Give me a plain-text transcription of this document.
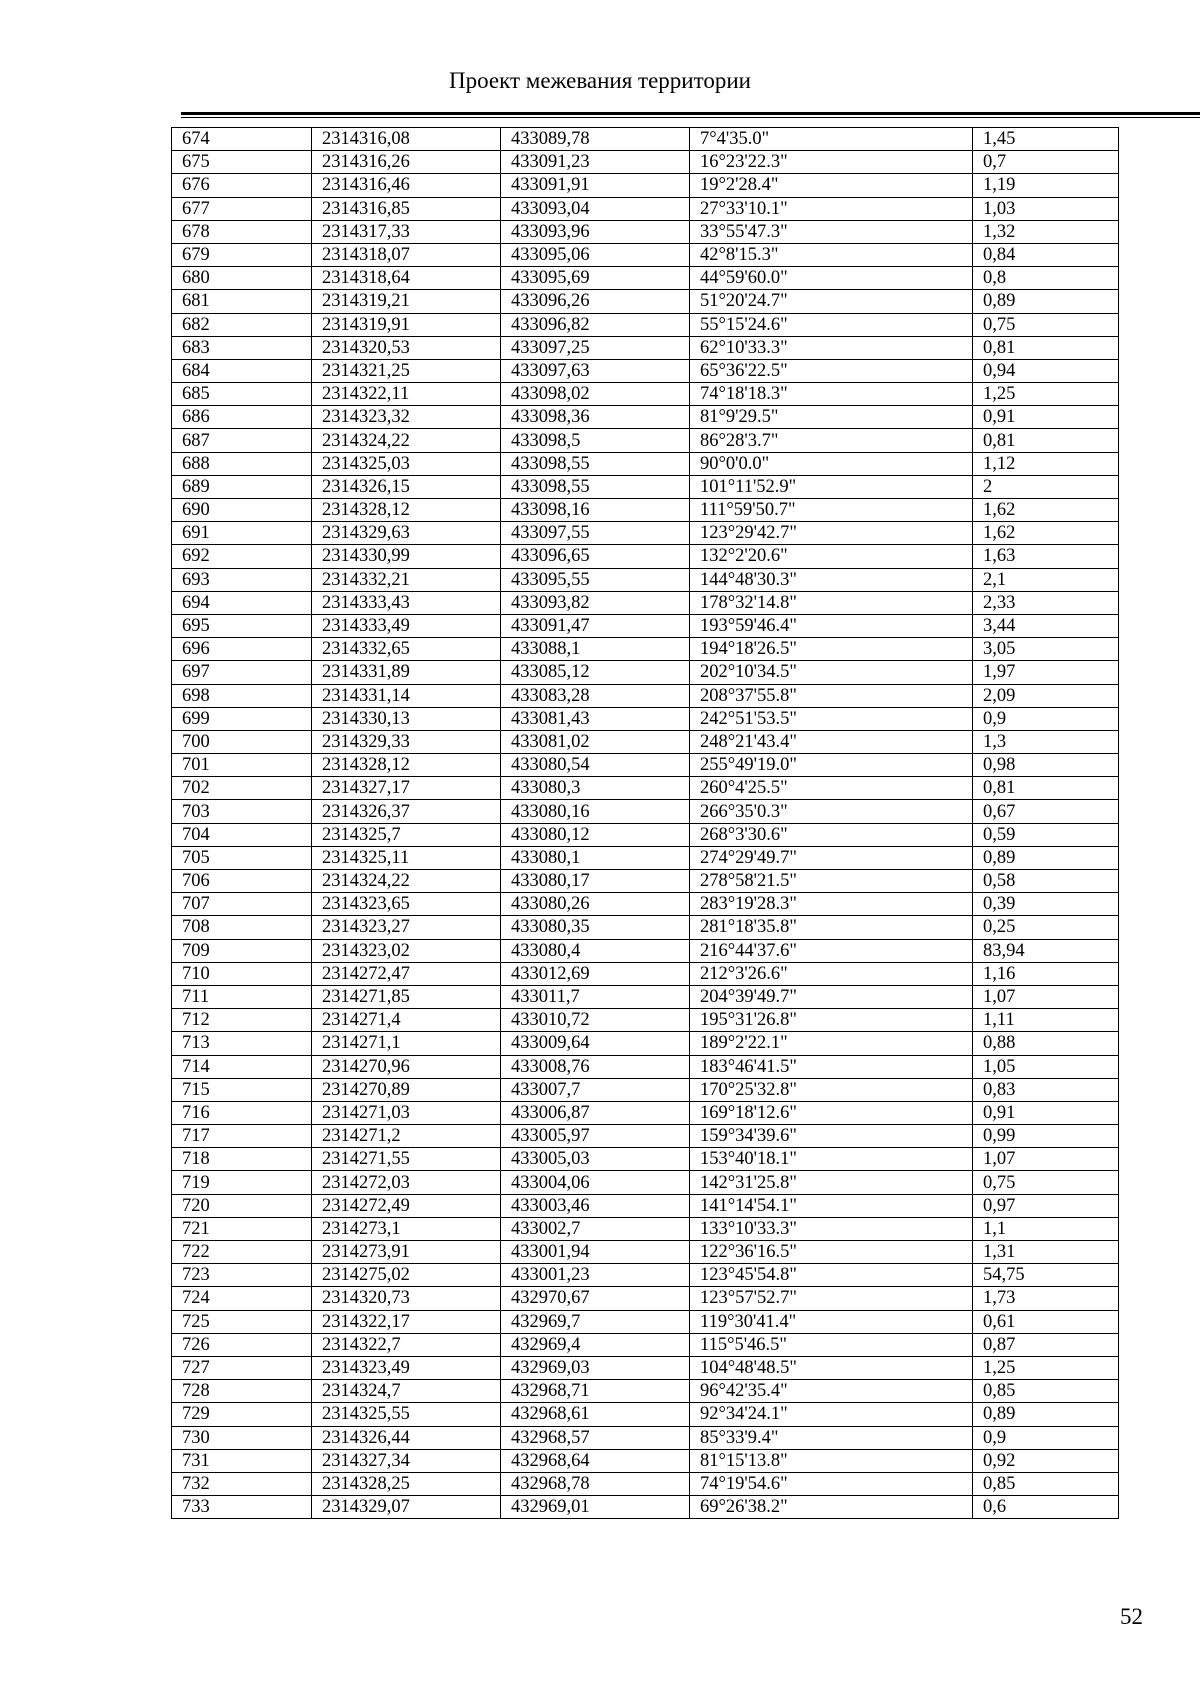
Проект межевания территории
674	2314316,08	433089,78	7°4'35.0"	1,45
675	2314316,26	433091,23	16°23'22.3"	0,7
676	2314316,46	433091,91	19°2'28.4"	1,19
677	2314316,85	433093,04	27°33'10.1"	1,03
678	2314317,33	433093,96	33°55'47.3"	1,32
679	2314318,07	433095,06	42°8'15.3"	0,84
680	2314318,64	433095,69	44°59'60.0"	0,8
681	2314319,21	433096,26	51°20'24.7"	0,89
682	2314319,91	433096,82	55°15'24.6"	0,75
683	2314320,53	433097,25	62°10'33.3"	0,81
684	2314321,25	433097,63	65°36'22.5"	0,94
685	2314322,11	433098,02	74°18'18.3"	1,25
686	2314323,32	433098,36	81°9'29.5"	0,91
687	2314324,22	433098,5	86°28'3.7"	0,81
688	2314325,03	433098,55	90°0'0.0"	1,12
689	2314326,15	433098,55	101°11'52.9"	2
690	2314328,12	433098,16	111°59'50.7"	1,62
691	2314329,63	433097,55	123°29'42.7"	1,62
692	2314330,99	433096,65	132°2'20.6"	1,63
693	2314332,21	433095,55	144°48'30.3"	2,1
694	2314333,43	433093,82	178°32'14.8"	2,33
695	2314333,49	433091,47	193°59'46.4"	3,44
696	2314332,65	433088,1	194°18'26.5"	3,05
697	2314331,89	433085,12	202°10'34.5"	1,97
698	2314331,14	433083,28	208°37'55.8"	2,09
699	2314330,13	433081,43	242°51'53.5"	0,9
700	2314329,33	433081,02	248°21'43.4"	1,3
701	2314328,12	433080,54	255°49'19.0"	0,98
702	2314327,17	433080,3	260°4'25.5"	0,81
703	2314326,37	433080,16	266°35'0.3"	0,67
704	2314325,7	433080,12	268°3'30.6"	0,59
705	2314325,11	433080,1	274°29'49.7"	0,89
706	2314324,22	433080,17	278°58'21.5"	0,58
707	2314323,65	433080,26	283°19'28.3"	0,39
708	2314323,27	433080,35	281°18'35.8"	0,25
709	2314323,02	433080,4	216°44'37.6"	83,94
710	2314272,47	433012,69	212°3'26.6"	1,16
711	2314271,85	433011,7	204°39'49.7"	1,07
712	2314271,4	433010,72	195°31'26.8"	1,11
713	2314271,1	433009,64	189°2'22.1"	0,88
714	2314270,96	433008,76	183°46'41.5"	1,05
715	2314270,89	433007,7	170°25'32.8"	0,83
716	2314271,03	433006,87	169°18'12.6"	0,91
717	2314271,2	433005,97	159°34'39.6"	0,99
718	2314271,55	433005,03	153°40'18.1"	1,07
719	2314272,03	433004,06	142°31'25.8"	0,75
720	2314272,49	433003,46	141°14'54.1"	0,97
721	2314273,1	433002,7	133°10'33.3"	1,1
722	2314273,91	433001,94	122°36'16.5"	1,31
723	2314275,02	433001,23	123°45'54.8"	54,75
724	2314320,73	432970,67	123°57'52.7"	1,73
725	2314322,17	432969,7	119°30'41.4"	0,61
726	2314322,7	432969,4	115°5'46.5"	0,87
727	2314323,49	432969,03	104°48'48.5"	1,25
728	2314324,7	432968,71	96°42'35.4"	0,85
729	2314325,55	432968,61	92°34'24.1"	0,89
730	2314326,44	432968,57	85°33'9.4"	0,9
731	2314327,34	432968,64	81°15'13.8"	0,92
732	2314328,25	432968,78	74°19'54.6"	0,85
733	2314329,07	432969,01	69°26'38.2"	0,6
52
